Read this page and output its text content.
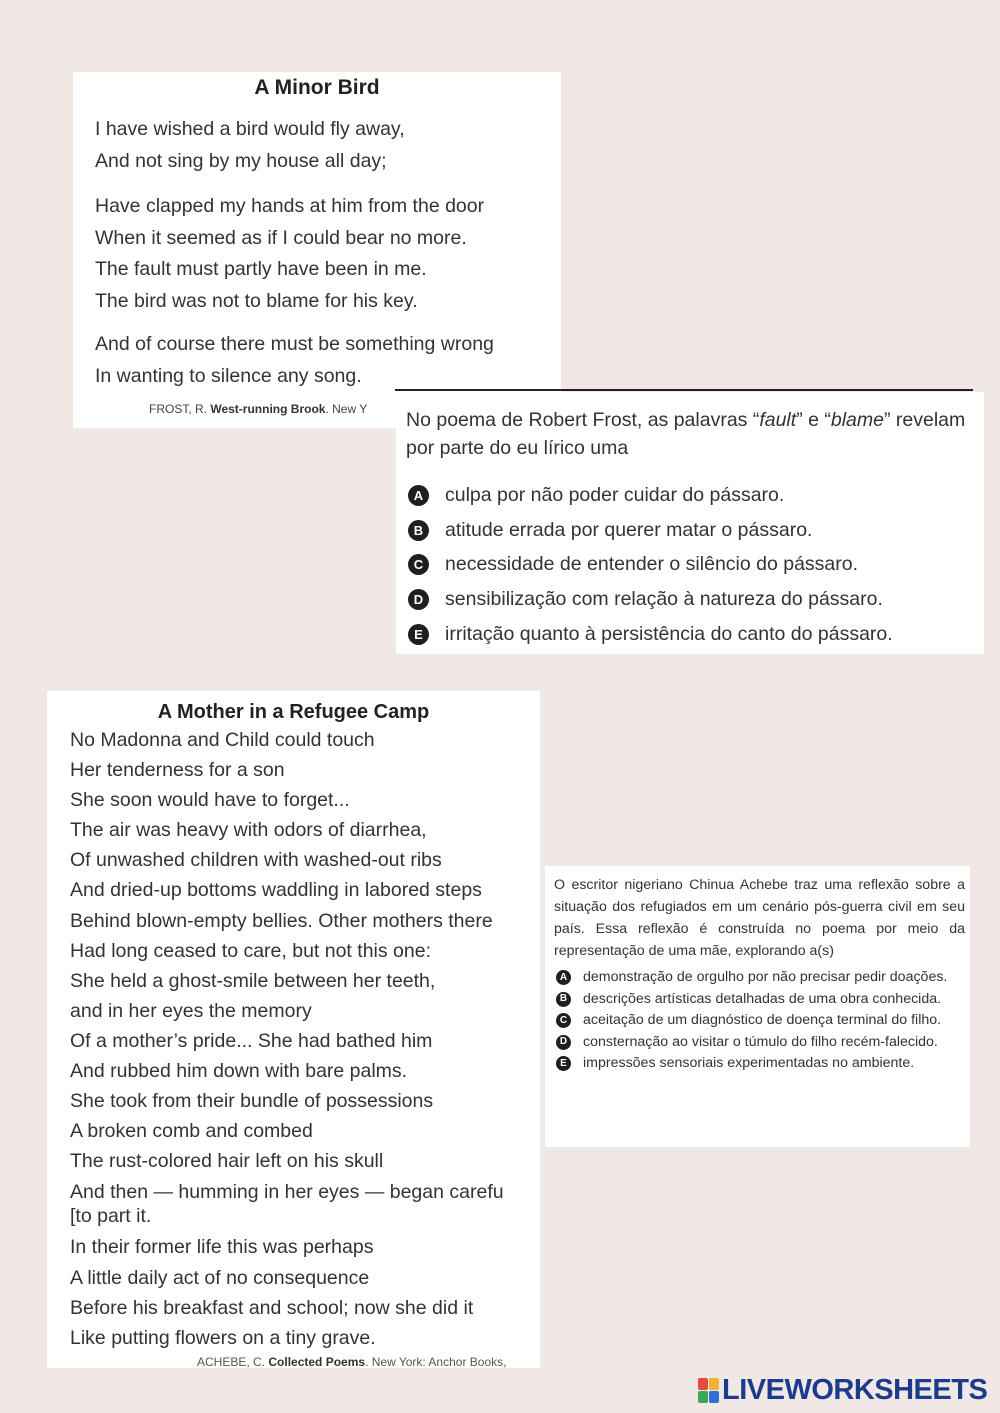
A Minor Bird
I have wished a bird would fly away,
And not sing by my house all day;
Have clapped my hands at him from the door
When it seemed as if I could bear no more.
The fault must partly have been in me.
The bird was not to blame for his key.
And of course there must be something wrong
In wanting to silence any song.
FROST, R. West-running Brook. New Y No poema de Robert Frost, as palavras “fault” e “blame” revelam por parte do eu lírico uma
A culpa por não poder cuidar do pássaro.
B atitude errada por querer matar o pássaro.
C necessidade de entender o silêncio do pássaro.
D sensibilização com relação à natureza do pássaro.
E	irritação quanto à persistência do canto do pássaro.
A Mother in a Refugee Camp
No Madonna and Child could touch
Her tenderness for a son
She soon would have to forget...
The air was heavy with odors of diarrhea,
Of unwashed children with washed-out ribs
And dried-up bottoms waddling in labored steps
Behind blown-empty bellies. Other mothers there
Had long ceased to care, but not this one:
She held a ghost-smile between her teeth,
and in her eyes the memory
Of a mother’s pride... She had bathed him
And rubbed him down with bare palms.
She took from their bundle of possessions
A broken comb and combed
The rust-colored hair left on his skull
And then — humming in her eyes — began carefu
[to part it.
In their former life this was perhaps
A little daily act of no consequence
Before his breakfast and school; now she did it
Like putting flowers on a tiny grave.
ACHEBE, C. Collected Poems. New York: Anchor Books,
O escritor nigeriano Chinua Achebe traz uma reflexão sobre a situação dos refugiados em um cenário pós-guerra civil em seu país. Essa reflexão é construída no poema por meio da representação de uma mãe, explorando a(s)
A demonstração de orgulho por não precisar pedir doações.
B descrições artísticas detalhadas de uma obra conhecida.
C aceitação de um diagnóstico de doença terminal do filho.
D consternação ao visitar o túmulo do filho recém-falecido.
E impressões sensoriais experimentadas no ambiente.
LIVEWORKSHEETS
